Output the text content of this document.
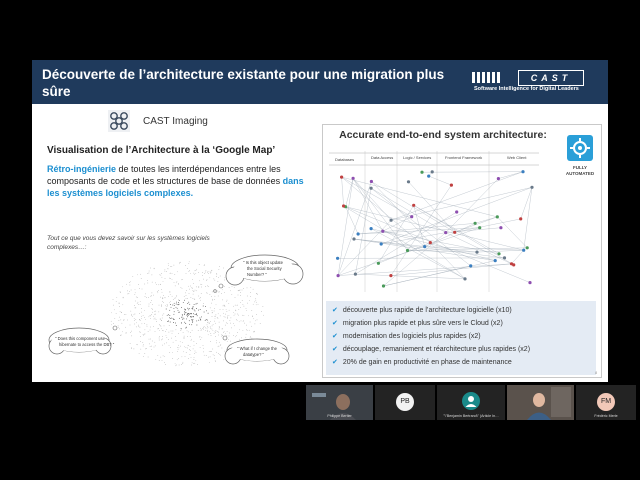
Découverte de l’architecture existante pour une migration plus sûre
CAST
Software Intelligence for Digital Leaders
CAST Imaging
Visualisation de l’Architecture à la ‘Google Map’
Rétro-ingénierie de toutes les interdépendances entre les composants de code et les structures de base de données dans les systèmes logiciels complexes.
Tout ce que vous devez savoir sur les systèmes logiciels complexes…:
" Is this object update
the Social Security
Number? "
" Does this component use
hibernate to access the DB? "
" What if I change the
datatype? "
Accurate end-to-end system architecture:
FULLY
AUTOMATED
Databases	Data Access Logic / Services	Frontend Framework	Web Client
✔ découverte plus rapide de l’architecture logicielle (x10)
✔ migration plus rapide et plus sûre vers le Cloud (x2)
✔ modernisation des logiciels plus rapides (x2)
✔ découplage, remaniement et réarchitecture plus rapides (x2)
✔ 20% de gain en productivité en phase de maintenance
8
Philippe Bertier
PB
"\"Benjamin Bertrand\" (Article In…
FM
Frédéric Merle
